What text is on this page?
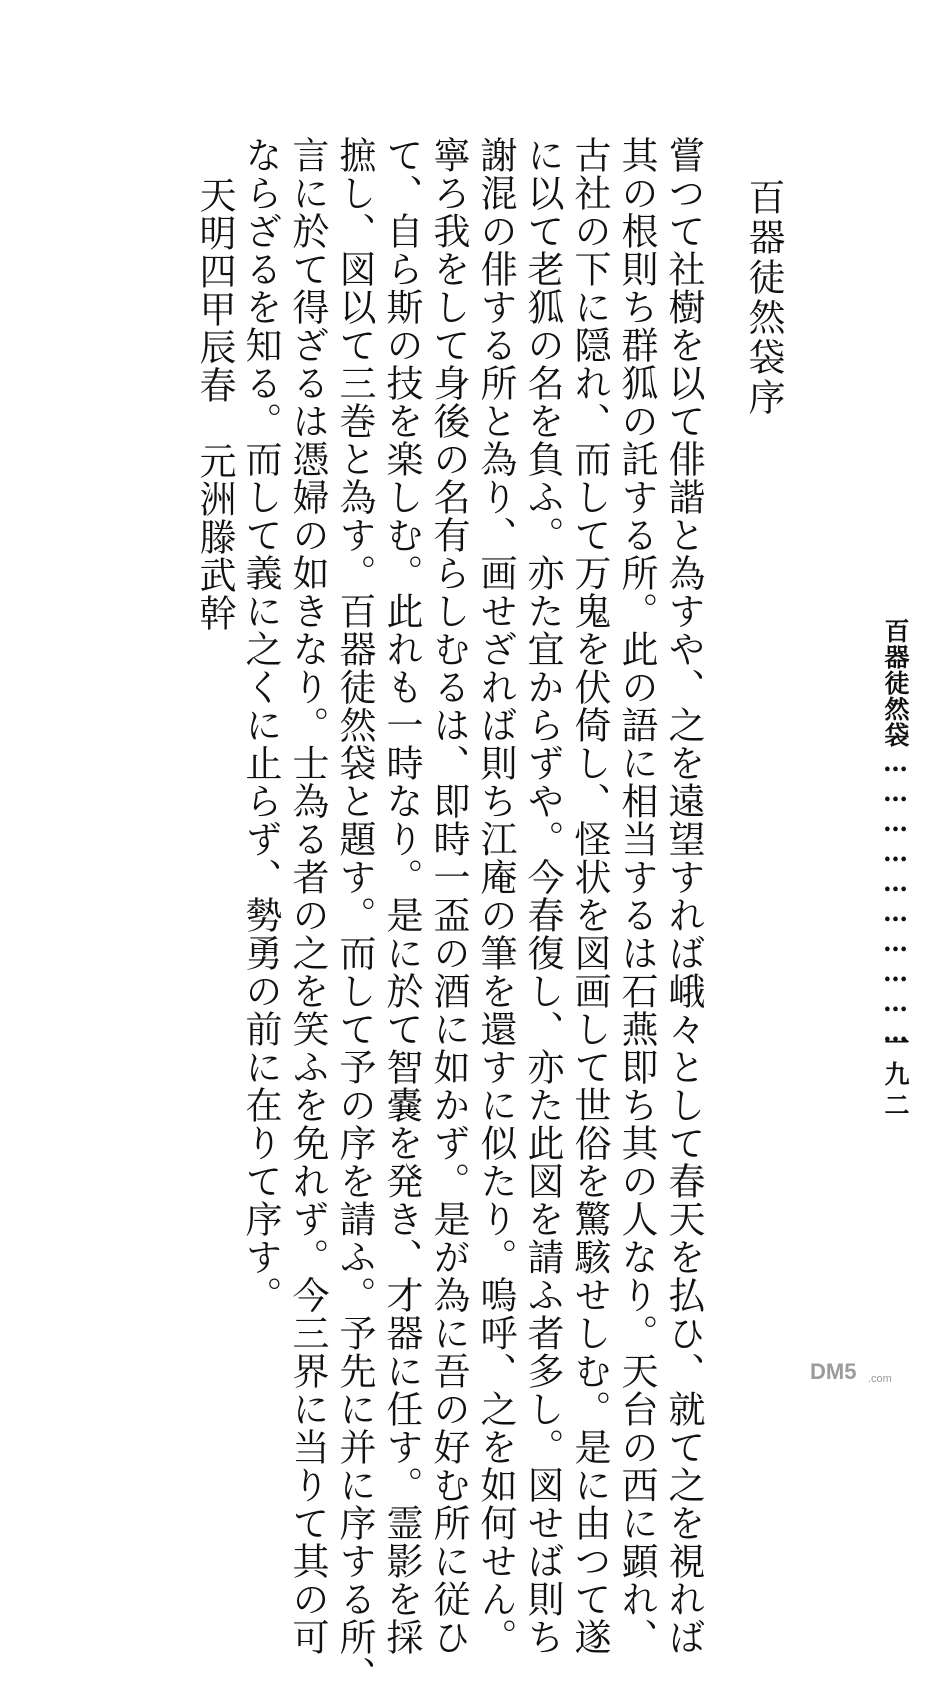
百器徒然袋序
嘗つて社樹を以て俳諧と為すや、之を遠望すれば峨々として春天を払ひ、就て之を視れば
其の根則ち群狐の託する所。此の語に相当するは石燕即ち其の人なり。天台の西に顕れ、
古社の下に隠れ、而して万鬼を伏倚し、怪状を図画して世俗を驚駭せしむ。是に由つて遂
に以て老狐の名を負ふ。亦た宜からずや。今春復し、亦た此図を請ふ者多し。図せば則ち
謝混の俳する所と為り、画せざれば則ち江庵の筆を還すに似たり。嗚呼、之を如何せん。
寧ろ我をして身後の名有らしむるは、即時一盃の酒に如かず。是が為に吾の好む所に従ひ
て、自ら斯の技を楽しむ。此れも一時なり。是に於て智嚢を発き、才器に任す。霊影を採
摭し、図以て三巻と為す。百器徒然袋と題す。而して予の序を請ふ。予先に并に序する所、
言に於て得ざるは憑婦の如きなり。士為る者の之を笑ふを免れず。今三界に当りて其の可
ならざるを知る。而して義に之くに止らず、勢勇の前に在りて序す。
天明四甲辰春　元洲滕武幹
百器徒然袋…………………………
一九二
DM5 .com
